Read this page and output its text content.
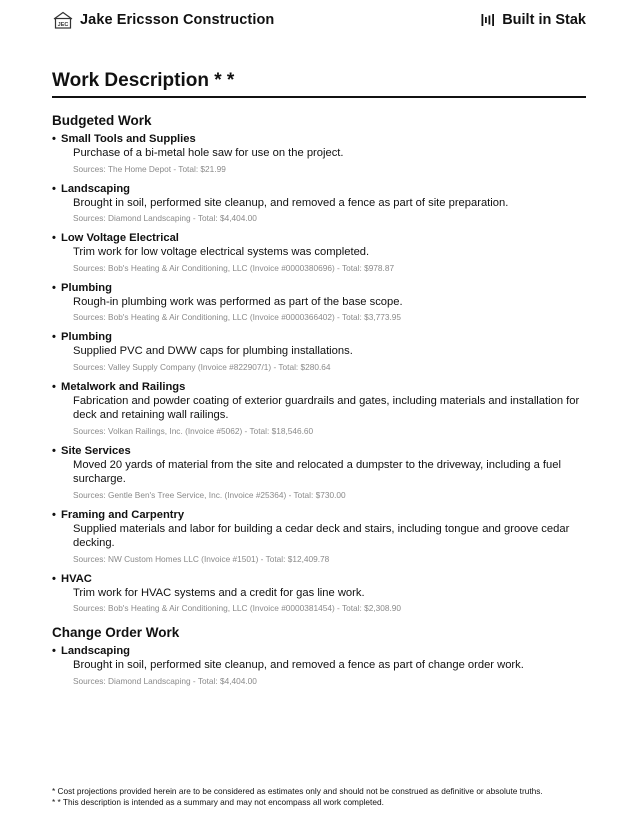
JEC Jake Ericsson Construction	Built in Stak
Work Description * *
Budgeted Work
• Small Tools and Supplies
Purchase of a bi-metal hole saw for use on the project.
Sources: The Home Depot - Total: $21.99
• Landscaping
Brought in soil, performed site cleanup, and removed a fence as part of site preparation.
Sources: Diamond Landscaping - Total: $4,404.00
• Low Voltage Electrical
Trim work for low voltage electrical systems was completed.
Sources: Bob's Heating & Air Conditioning, LLC (Invoice #0000380696) - Total: $978.87
• Plumbing
Rough-in plumbing work was performed as part of the base scope.
Sources: Bob's Heating & Air Conditioning, LLC (Invoice #0000366402) - Total: $3,773.95
• Plumbing
Supplied PVC and DWW caps for plumbing installations.
Sources: Valley Supply Company (Invoice #822907/1) - Total: $280.64
• Metalwork and Railings
Fabrication and powder coating of exterior guardrails and gates, including materials and installation for deck and retaining wall railings.
Sources: Volkan Railings, Inc. (Invoice #5062) - Total: $18,546.60
• Site Services
Moved 20 yards of material from the site and relocated a dumpster to the driveway, including a fuel surcharge.
Sources: Gentle Ben's Tree Service, Inc. (Invoice #25364) - Total: $730.00
• Framing and Carpentry
Supplied materials and labor for building a cedar deck and stairs, including tongue and groove cedar decking.
Sources: NW Custom Homes LLC (Invoice #1501) - Total: $12,409.78
• HVAC
Trim work for HVAC systems and a credit for gas line work.
Sources: Bob's Heating & Air Conditioning, LLC (Invoice #0000381454) - Total: $2,308.90
Change Order Work
• Landscaping
Brought in soil, performed site cleanup, and removed a fence as part of change order work.
Sources: Diamond Landscaping - Total: $4,404.00
* Cost projections provided herein are to be considered as estimates only and should not be construed as definitive or absolute truths.
* * This description is intended as a summary and may not encompass all work completed.
